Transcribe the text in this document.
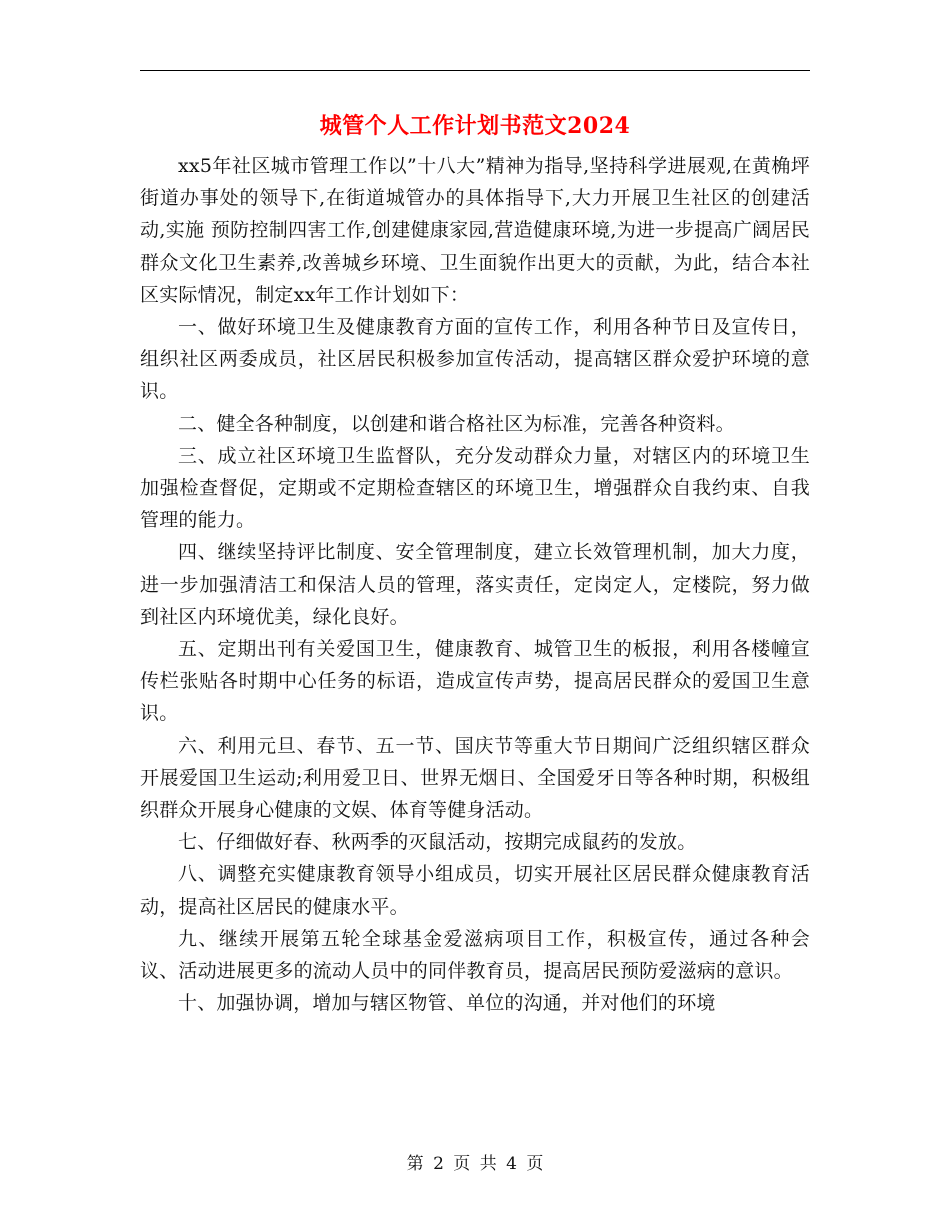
城管个人工作计划书范文2024

xx5年社区城市管理工作以”十八大”精神为指导,坚持科学进展观,在黄桷坪街道办事处的领导下,在街道城管办的具体指导下,大力开展卫生社区的创建活动,实施 预防控制四害工作,创建健康家园,营造健康环境,为进一步提高广阔居民群众文化卫生素养,改善城乡环境、卫生面貌作出更大的贡献，为此，结合本社区实际情况，制定xx年工作计划如下：

一、做好环境卫生及健康教育方面的宣传工作，利用各种节日及宣传日，组织社区两委成员，社区居民积极参加宣传活动，提高辖区群众爱护环境的意识。

二、健全各种制度，以创建和谐合格社区为标准，完善各种资料。

三、成立社区环境卫生监督队，充分发动群众力量，对辖区内的环境卫生加强检查督促，定期或不定期检查辖区的环境卫生，增强群众自我约束、自我管理的能力。

四、继续坚持评比制度、安全管理制度，建立长效管理机制，加大力度，进一步加强清洁工和保洁人员的管理，落实责任，定岗定人，定楼院，努力做到社区内环境优美，绿化良好。

五、定期出刊有关爱国卫生，健康教育、城管卫生的板报，利用各楼幢宣传栏张贴各时期中心任务的标语，造成宣传声势，提高居民群众的爱国卫生意识。

六、利用元旦、春节、五一节、国庆节等重大节日期间广泛组织辖区群众开展爱国卫生运动;利用爱卫日、世界无烟日、全国爱牙日等各种时期，积极组织群众开展身心健康的文娱、体育等健身活动。

七、仔细做好春、秋两季的灭鼠活动，按期完成鼠药的发放。

八、调整充实健康教育领导小组成员，切实开展社区居民群众健康教育活动，提高社区居民的健康水平。

九、继续开展第五轮全球基金爱滋病项目工作，积极宣传，通过各种会议、活动进展更多的流动人员中的同伴教育员，提高居民预防爱滋病的意识。

十、加强协调，增加与辖区物管、单位的沟通，并对他们的环境

第 2 页 共 4 页
